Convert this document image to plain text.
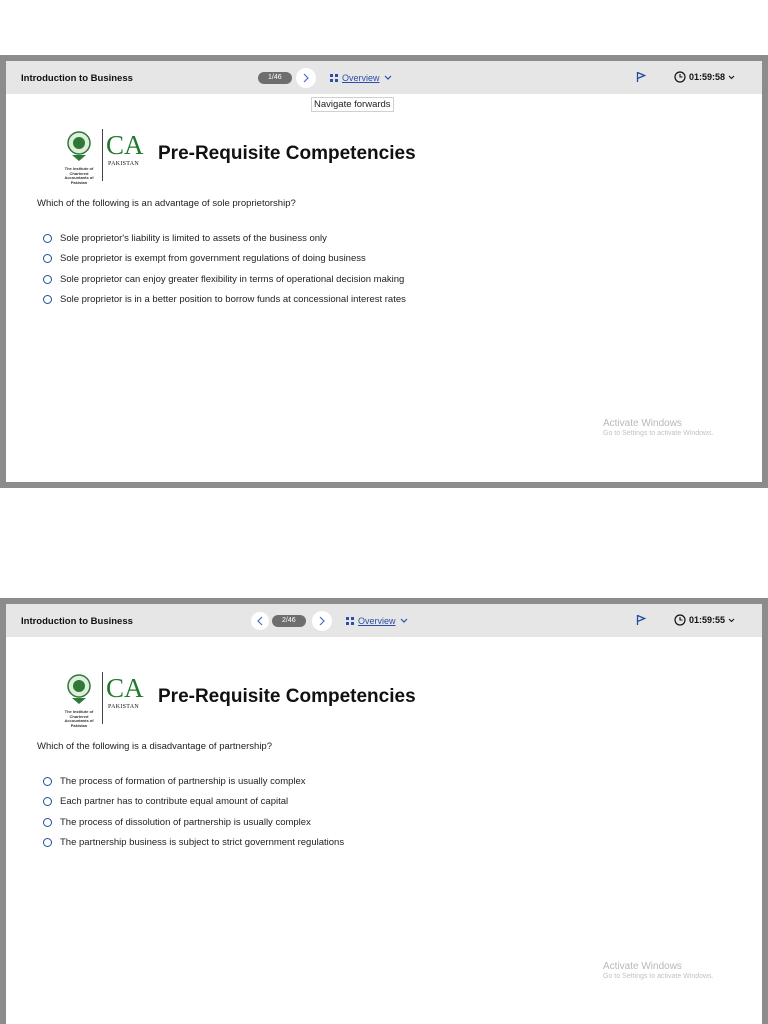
Introduction to Business	1/46	Overview	01:59:58
Navigate forwards
The Institute of Chartered Accountants of Pakistan
CA
PAKISTAN Pre-Requisite Competencies
Which of the following is an advantage of sole proprietorship?
Sole proprietor's liability is limited to assets of the business only
Sole proprietor is exempt from government regulations of doing business
Sole proprietor can enjoy greater flexibility in terms of operational decision making
Sole proprietor is in a better position to borrow funds at concessional interest rates
Activate Windows
Go to Settings to activate Windows.
Introduction to Business	2/46	Overview	01:59:55
The Institute of Chartered Accountants of Pakistan
CA
PAKISTAN Pre-Requisite Competencies
Which of the following is a disadvantage of partnership?
The process of formation of partnership is usually complex
Each partner has to contribute equal amount of capital
The process of dissolution of partnership is usually complex
The partnership business is subject to strict government regulations
Activate Windows
Go to Settings to activate Windows.
